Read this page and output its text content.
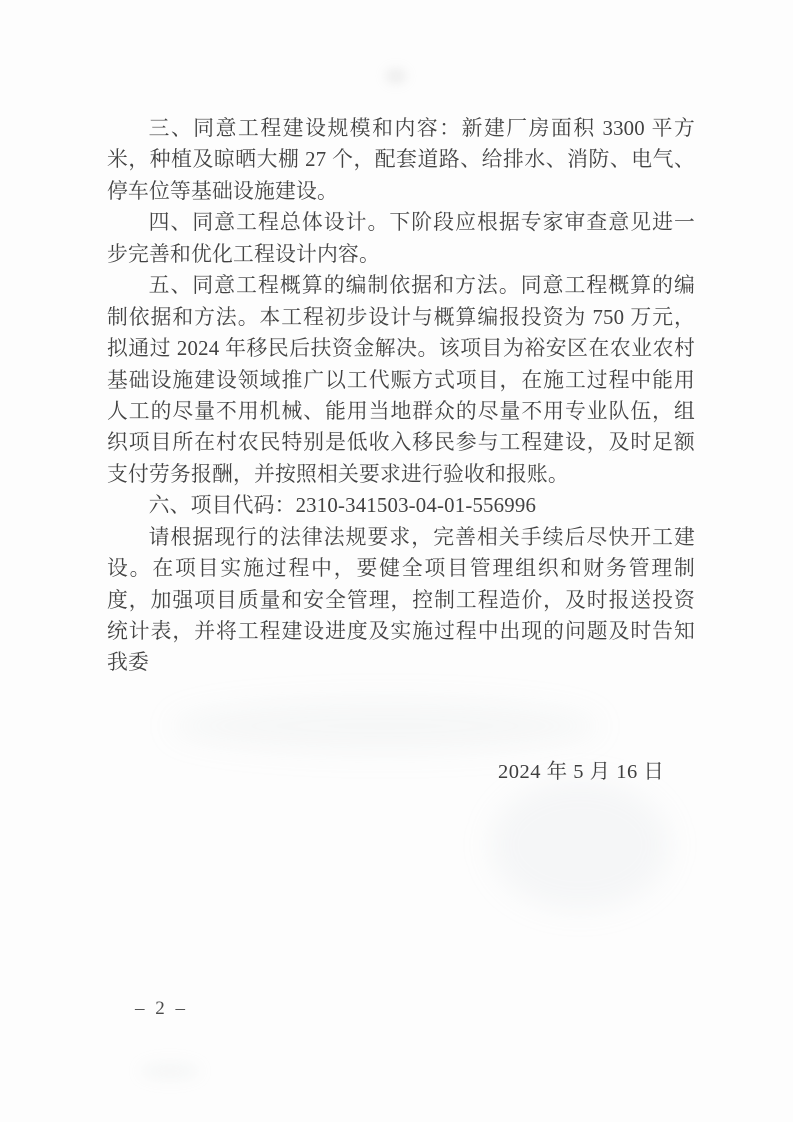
三、同意工程建设规模和内容：新建厂房面积 3300 平方
米，种植及晾晒大棚 27 个，配套道路、给排水、消防、电气、
停车位等基础设施建设。
四、同意工程总体设计。下阶段应根据专家审查意见进一
步完善和优化工程设计内容。
五、同意工程概算的编制依据和方法。同意工程概算的编
制依据和方法。本工程初步设计与概算编报投资为 750 万元，
拟通过 2024 年移民后扶资金解决。该项目为裕安区在农业农村
基础设施建设领域推广以工代赈方式项目，在施工过程中能用
人工的尽量不用机械、能用当地群众的尽量不用专业队伍，组
织项目所在村农民特别是低收入移民参与工程建设，及时足额
支付劳务报酬，并按照相关要求进行验收和报账。
六、项目代码：2310-341503-04-01-556996
请根据现行的法律法规要求，完善相关手续后尽快开工建
设。在项目实施过程中，要健全项目管理组织和财务管理制
度，加强项目质量和安全管理，控制工程造价，及时报送投资
统计表，并将工程建设进度及实施过程中出现的问题及时告知
我委
2024 年 5 月 16 日
– 2 –
